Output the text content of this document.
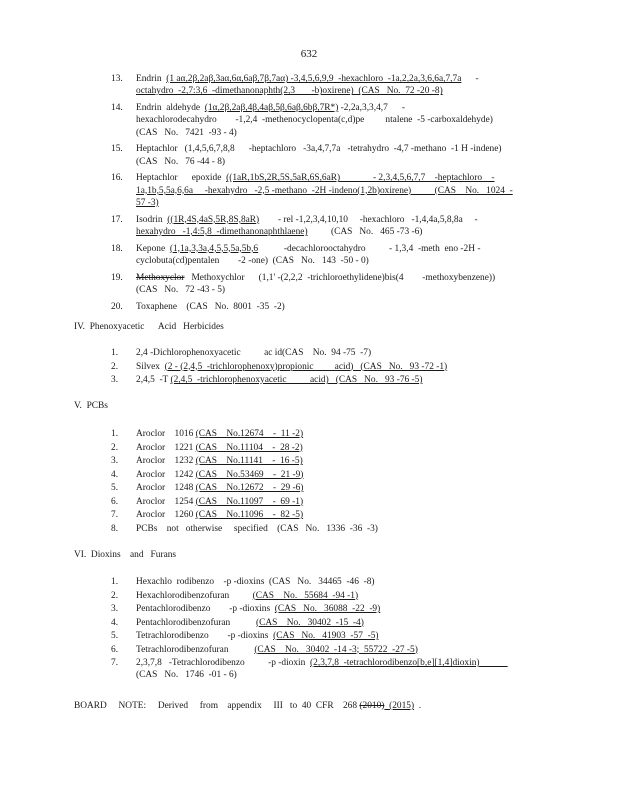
632
13.	Endrin  (1 aα,2β,2aβ,3aα,6α,6aβ,7β,7aα) -3,4,5,6,9,9  -hexachloro  -1a,2,2a,3,6,6a,7,7a      -
octahydro  -2,7:3,6  -dimethanonaphth(2,3       -b)oxirene)  (CAS   No.  72 -20 -8)
14.	Endrin  aldehyde  (1α,2β,2aβ,4β,4aβ,5β,6aβ,6bβ,7R*) -2,2a,3,3,4,7      -
hexachlorodecahydro        -1,2,4  -methenocyclopenta(c,d)pe         ntalene  -5 -carboxaldehyde)
(CAS   No.   7421  -93 - 4)
15.	Heptachlor   (1,4,5,6,7,8,8      -heptachloro   -3a,4,7,7a   -tetrahydro  -4,7 -methano  -1 H -indene)
(CAS   No.   76 -44 - 8)
16.	Heptachlor      epoxide  ((1aR,1bS,2R,5S,5aR,6S,6aR)              - 2,3,4,5,6,7,7    -heptachloro    -
1a,1b,5,5a,6,6a     -hexahydro   -2,5 -methano  -2H -indeno(1,2b)oxirene)          (CAS    No.   1024  -
57 -3)
17.	Isodrin  ((1R,4S,4aS,5R,8S,8aR)        - rel -1,2,3,4,10,10     -hexachloro   -1,4,4a,5,8,8a     -
hexahydro   -1,4:5,8  -dimethanonaphthlaene)          (CAS   No.   465 -73 -6)
18.	Kepone  (1,1a,3,3a,4,5,5,5a,5b,6           -decachlorooctahydro          - 1,3,4  -meth  eno -2H -
cyclobuta(cd)pentalen        -2 -one)  (CAS   No.   143  -50 - 0)
19.	Methoxyclor   Methoxychlor      (1,1' -(2,2,2  -trichloroethylidene)bis(4        -methoxybenzene))
(CAS   No.   72 -43 - 5)
20.	Toxaphene    (CAS   No.  8001  -35  -2)
IV.  Phenoxyacetic      Acid   Herbicides
1.	2,4 -Dichlorophenoxyacetic          ac id(CAS    No.  94 -75  -7)
2.	Silvex  (2 - (2,4,5  -trichlorophenoxy)propionic         acid)   (CAS   No.   93 -72 -1)
3.	2,4,5  -T (2,4,5  -trichlorophenoxyacetic          acid)   (CAS   No.   93 -76 -5)
V.  PCBs
1.	Aroclor    1016 (CAS    No.12674    -  11 -2)
2.	Aroclor    1221 (CAS    No.11104    -  28 -2)
3.	Aroclor    1232 (CAS    No.11141    -  16 -5)
4.	Aroclor    1242 (CAS    No.53469    -  21 -9)
5.	Aroclor    1248 (CAS    No.12672    -  29 -6)
6.	Aroclor    1254 (CAS    No.11097    -  69 -1)
7.	Aroclor    1260 (CAS    No.11096    -  82 -5)
8.	PCBs    not   otherwise     specified    (CAS   No.   1336  -36  -3)
VI.  Dioxins    and   Furans
1.	Hexachlo  rodibenzo    -p -dioxins  (CAS   No.   34465  -46  -8)
2.	Hexachlorodibenzofuran          (CAS    No.   55684  -94 -1)
3.	Pentachlorodibenzo        -p -dioxins  (CAS   No.   36088  -22  -9)
4.	Pentachlorodibenzofuran           (CAS    No.   30402  -15  -4)
5.	Tetrachlorodibenzo        -p -dioxins  (CAS   No.   41903  -57  -5)
6.	Tetrachlorodibenzofuran           (CAS    No.   30402  -14 -3;  55722  -27 -5)
7.	2,3,7,8   -Tetrachlorodibenzo          -p -dioxin  (2,3,7,8  -tetrachlorodibenzo[b,e][1,4]dioxin)
(CAS   No.   1746  -01 - 6)
BOARD     NOTE:     Derived     from    appendix     III   to  40  CFR    268 (2010)  (2015)  .
